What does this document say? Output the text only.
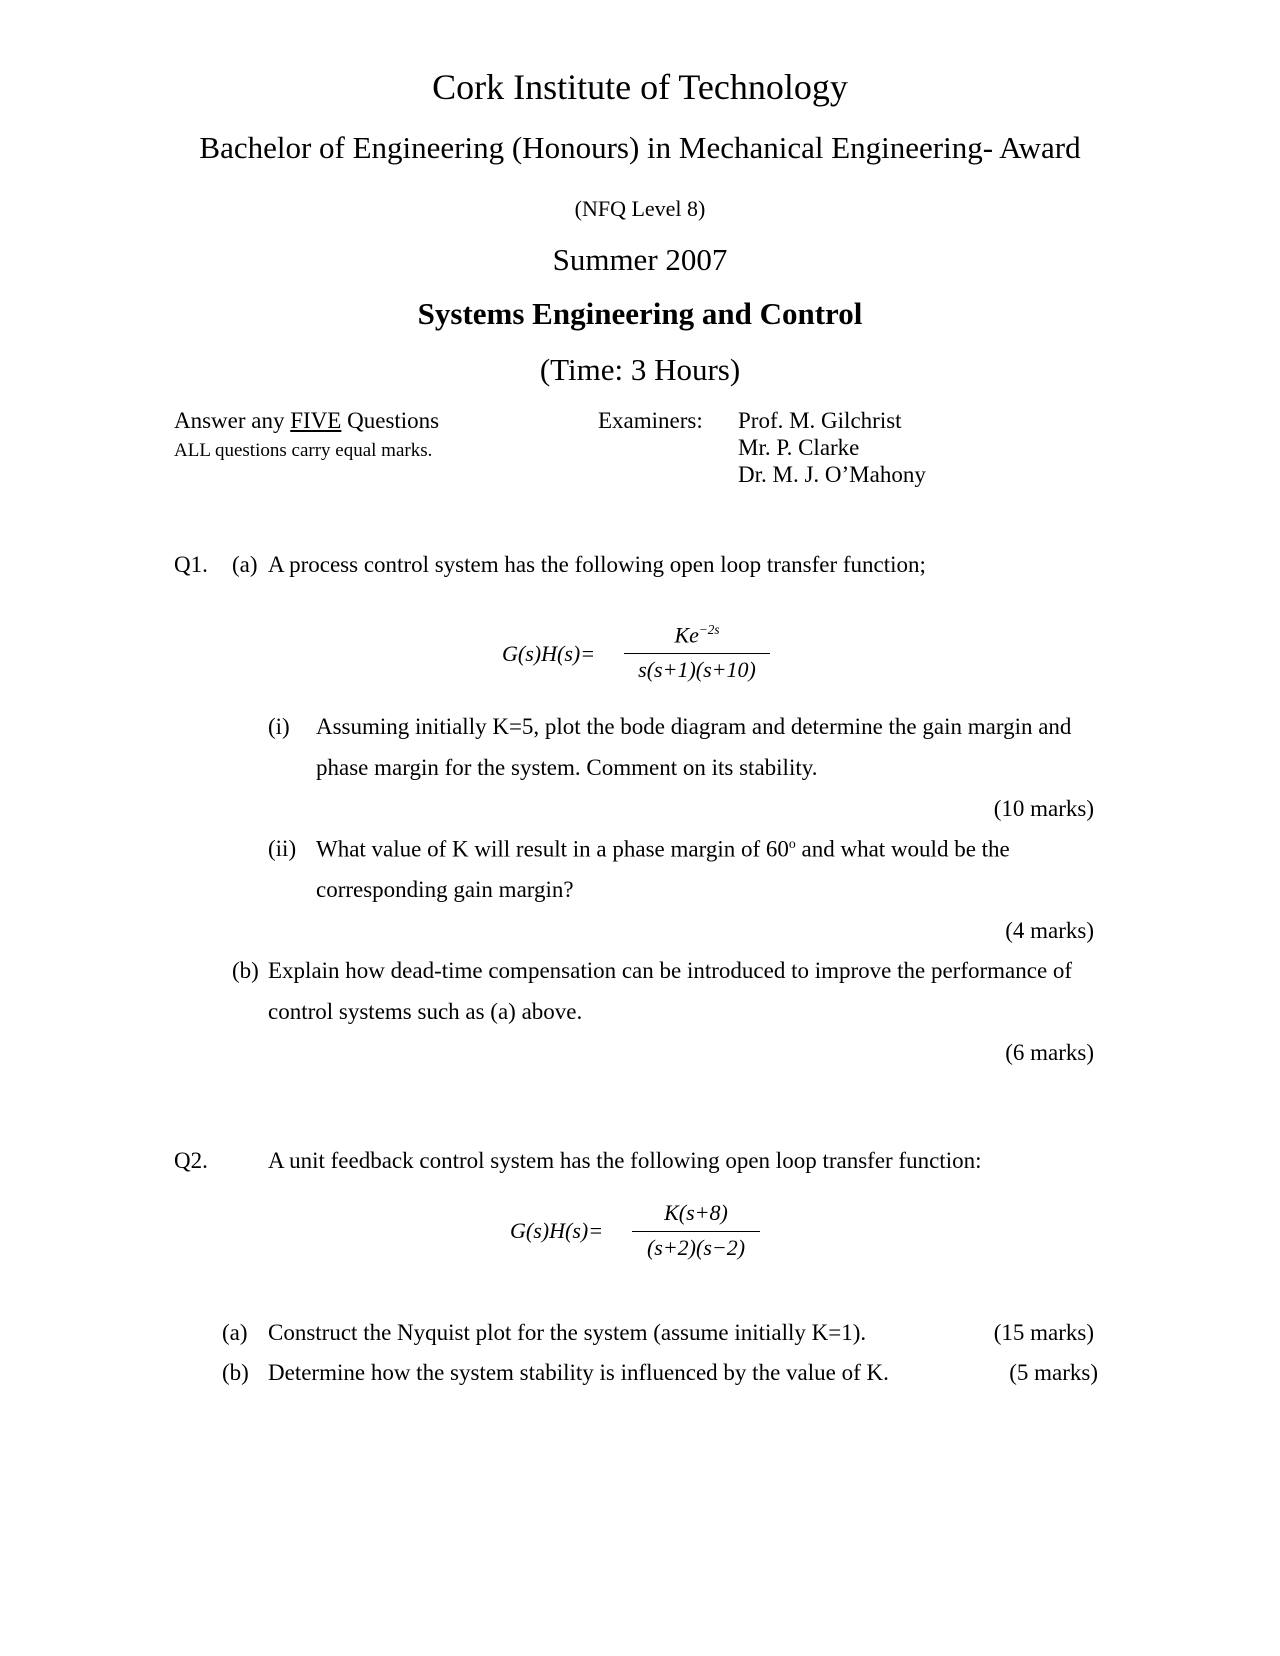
Cork Institute of Technology
Bachelor of Engineering (Honours) in Mechanical Engineering- Award
(NFQ Level 8)
Summer 2007
Systems Engineering and Control
(Time: 3 Hours)
Answer any FIVE Questions
ALL questions carry equal marks.
Examiners: Prof. M. Gilchrist
Mr. P. Clarke
Dr. M. J. O’Mahony
Q1. (a) A process control system has the following open loop transfer function;
G(s)H(s)=
$Ke^{-2s}$
s(s+1)(s+10)
(i) Assuming initially K=5, plot the bode diagram and determine the gain margin and
phase margin for the system. Comment on its stability.
(10 marks)
(ii) What value of K will result in a phase margin of 60$^o$ and what would be the
corresponding gain margin?
(4 marks)
(b) Explain how dead-time compensation can be introduced to improve the performance of
control systems such as (a) above.
(6 marks)
Q2.	A unit feedback control system has the following open loop transfer function:
G(s)H(s)=
K(s+8)
(s+2)(s−2)
(a) Construct the Nyquist plot for the system (assume initially K=1).	(15 marks)
(b) Determine how the system stability is influenced by the value of K.	(5 marks)
